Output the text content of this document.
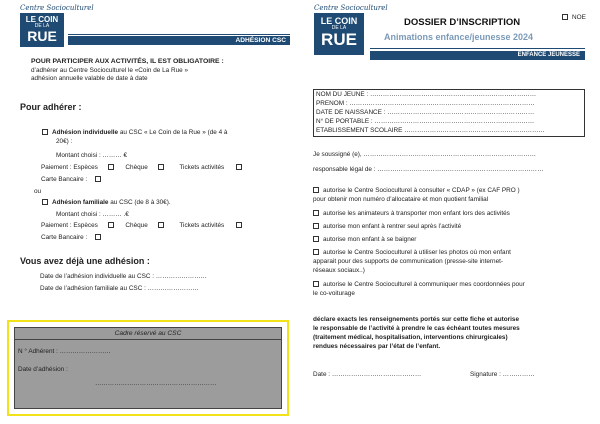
Centre Socioculturel
LE COIN
DE LA
RUE	ADHÉSION CSC
POUR PARTICIPER AUX ACTIVITÉS, IL EST OBLIGATOIRE :
d’adhérer au Centre Socioculturel le «Coin de La Rue »
adhésion annuelle valable de date à date
Pour adhérer :
Adhésion individuelle au CSC « Le Coin de la Rue » (de 4 à
20€) :
Montant choisi : ……… €
Paiement : Espèces	Chèque	Tickets activités
Carte Bancaire :
ou
Adhésion familiale au CSC (de 8 à 30€).
Montant choisi : ……… .€
Paiement : Espèces	Chèque	Tickets activités
Carte Bancaire :
Vous avez déjà une adhésion :
Date de l’adhésion individuelle au CSC : ……………………
Date de l’adhésion familiale au CSC : ……………………
Cadre réservé au CSC
N ° Adhérent : ……………………
Date d’adhésion :
…………………………………………………
Centre Socioculturel
LE COIN
DE LA
RUE
DOSSIER D’INSCRIPTION
Animations enfance/jeunesse 2024
NOE
ENFANCE JEUNESSE
NOM DU JEUNE : ……………………………………………………………………
PRENOM : ……………………………………………………………………………
DATE DE NAISSANCE : ……………………………………………………………
N° DE PORTABLE : …………………………………………………………………
ETABLISSEMENT SCOLAIRE …………………………………………………………
Je soussigné (e), ………………………………………………………………………
responsable légal de : ……………………………………………………………………
autorise le Centre Socioculturel à consulter « CDAP » (ex CAF PRO )
pour obtenir mon numéro d’allocataire et mon quotient familial
autorise les animateurs à transporter mon enfant lors des activités
autorise mon enfant à rentrer seul après l’activité
autorise mon enfant à se baigner
autorise le Centre Socioculturel à utiliser les photos où mon enfant
apparait pour des supports de communication (presse-site internet-
réseaux sociaux..)
autorise le Centre Socioculturel à communiquer mes coordonnées pour
le co-voiturage
déclare exacts les renseignements portés sur cette fiche et autorise
le responsable de l’activité à prendre le cas échéant toutes mesures
(traitement médical, hospitalisation, interventions chirurgicales)
rendues nécessaires par l’état de l’enfant.
Date : ……………………………………	Signature : ……………
